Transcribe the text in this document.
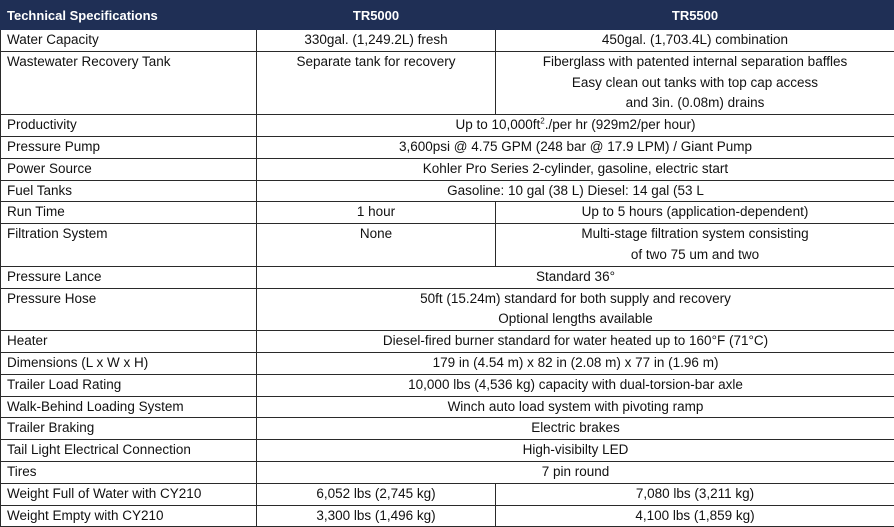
Technical Specifications	TR5000	TR5500
Water Capacity	330gal. (1,249.2L) fresh	450gal. (1,703.4L) combination
Wastewater Recovery Tank	Separate tank for recovery	Fiberglass with patented internal separation baffles
Easy clean out tanks with top cap access
and 3in. (0.08m) drains

Productivity	Up to $10,000ft^2$./per hr (929m2/per hour)	
Pressure Pump	3,600psi @ 4.75 GPM (248 bar @ 17.9 LPM) / Giant Pump	
Power Source	Kohler Pro Series 2-cylinder, gasoline, electric start	
Fuel Tanks	Gasoline: 10 gal (38 L) Diesel: 14 gal (53 L	
Run Time	1 hour	Up to 5 hours (application-dependent)
Filtration System	None	Multi-stage filtration system consisting
of two 75 um and two

Pressure Lance	Standard 36°	
Pressure Hose	50ft (15.24m) standard for both supply and recovery
Optional lengths available	

Heater	Diesel-fired burner standard for water heated up to 160°F (71°C)	
Dimensions (L x W x H)	179 in (4.54 m) x 82 in (2.08 m) x 77 in (1.96 m)	
Trailer Load Rating	10,000 lbs (4,536 kg) capacity with dual-torsion-bar axle	
Walk-Behind Loading System	Winch auto load system with pivoting ramp	
Trailer Braking	Electric brakes	
Tail Light Electrical Connection	High-visibilty LED	
Tires	7 pin round	
Weight Full of Water with CY210	6,052 lbs (2,745 kg)	7,080 lbs (3,211 kg)
Weight Empty with CY210	3,300 lbs (1,496 kg)	4,100 lbs (1,859 kg)
